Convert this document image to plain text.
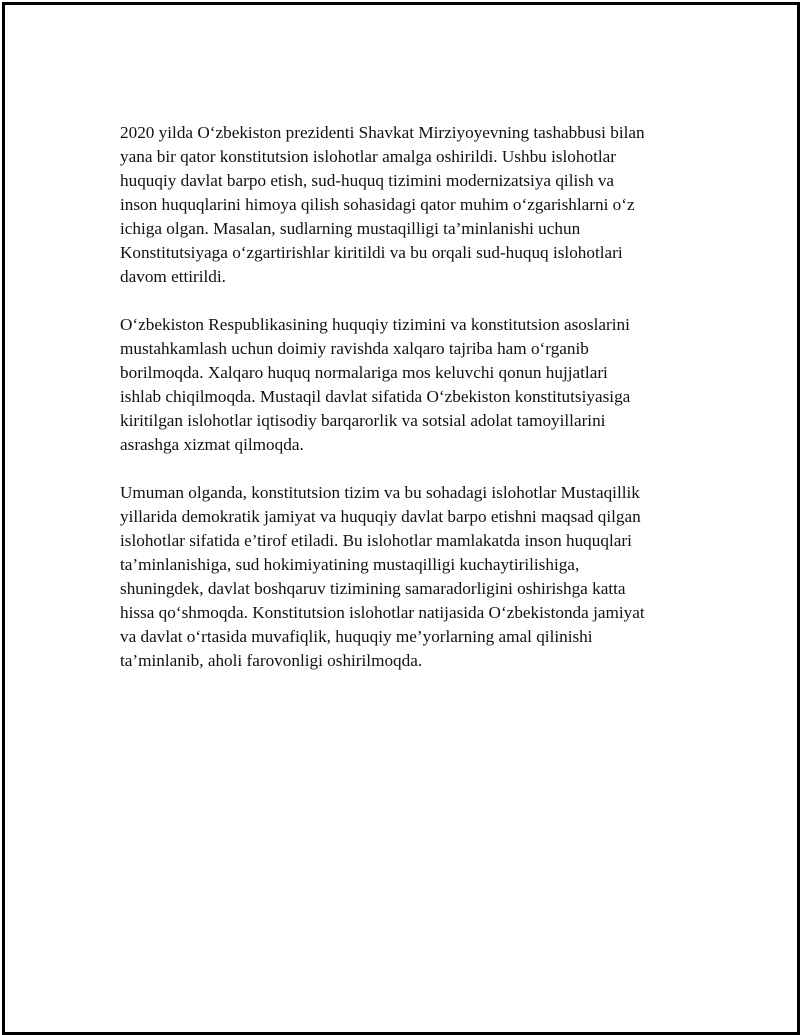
2020 yilda O‘zbekiston prezidenti Shavkat Mirziyoyevning tashabbusi bilan
yana bir qator konstitutsion islohotlar amalga oshirildi. Ushbu islohotlar
huquqiy davlat barpo etish, sud-huquq tizimini modernizatsiya qilish va
inson huquqlarini himoya qilish sohasidagi qator muhim o‘zgarishlarni o‘z
ichiga olgan. Masalan, sudlarning mustaqilligi ta’minlanishi uchun
Konstitutsiyaga o‘zgartirishlar kiritildi va bu orqali sud-huquq islohotlari
davom ettirildi.

O‘zbekiston Respublikasining huquqiy tizimini va konstitutsion asoslarini
mustahkamlash uchun doimiy ravishda xalqaro tajriba ham o‘rganib
borilmoqda. Xalqaro huquq normalariga mos keluvchi qonun hujjatlari
ishlab chiqilmoqda. Mustaqil davlat sifatida O‘zbekiston konstitutsiyasiga
kiritilgan islohotlar iqtisodiy barqarorlik va sotsial adolat tamoyillarini
asrashga xizmat qilmoqda.

Umuman olganda, konstitutsion tizim va bu sohadagi islohotlar Mustaqillik
yillarida demokratik jamiyat va huquqiy davlat barpo etishni maqsad qilgan
islohotlar sifatida e’tirof etiladi. Bu islohotlar mamlakatda inson huquqlari
ta’minlanishiga, sud hokimiyatining mustaqilligi kuchaytirilishiga,
shuningdek, davlat boshqaruv tizimining samaradorligini oshirishga katta
hissa qo‘shmoqda. Konstitutsion islohotlar natijasida O‘zbekistonda jamiyat
va davlat o‘rtasida muvafiqlik, huquqiy me’yorlarning amal qilinishi
ta’minlanib, aholi farovonligi oshirilmoqda.
